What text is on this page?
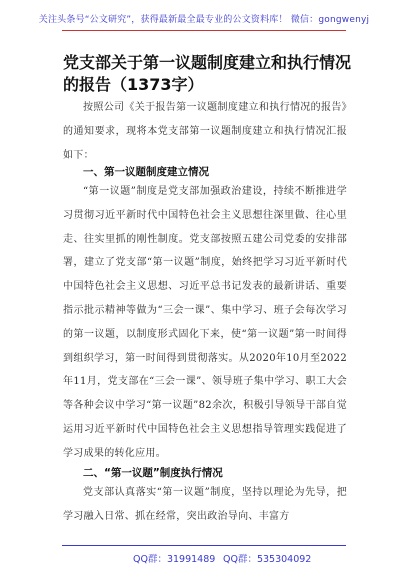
关注头条号“公文研究”，获得最新最全最专业的公文资料库！ 微信：gongwenyj
党支部关于第一议题制度建立和执行情况的报告（1373字）

按照公司《关于报告第一议题制度建立和执行情况的报告》的通知要求，现将本党支部第一议题制度建立和执行情况汇报如下：

一、第一议题制度建立情况

“第一议题”制度是党支部加强政治建设，持续不断推进学习贯彻习近平新时代中国特色社会主义思想往深里做、往心里走、往实里抓的刚性制度。党支部按照五建公司党委的安排部署，建立了党支部“第一议题”制度，始终把学习习近平新时代中国特色社会主义思想、习近平总书记发表的最新讲话、重要指示批示精神等做为“三会一课”、集中学习、班子会每次学习的第一议题，以制度形式固化下来，使“第一议题”第一时间得到组织学习，第一时间得到贯彻落实。从2020年10月至2022年11月，党支部在“三会一课”、领导班子集中学习、职工大会等各种会议中学习“第一议题”82余次，积极引导领导干部自觉运用习近平新时代中国特色社会主义思想指导管理实践促进了学习成果的转化应用。

二、“第一议题”制度执行情况

党支部认真落实“第一议题”制度，坚持以理论为先导，把学习融入日常、抓在经常，突出政治导向、丰富方

QQ群：31991489 QQ群：535304092
